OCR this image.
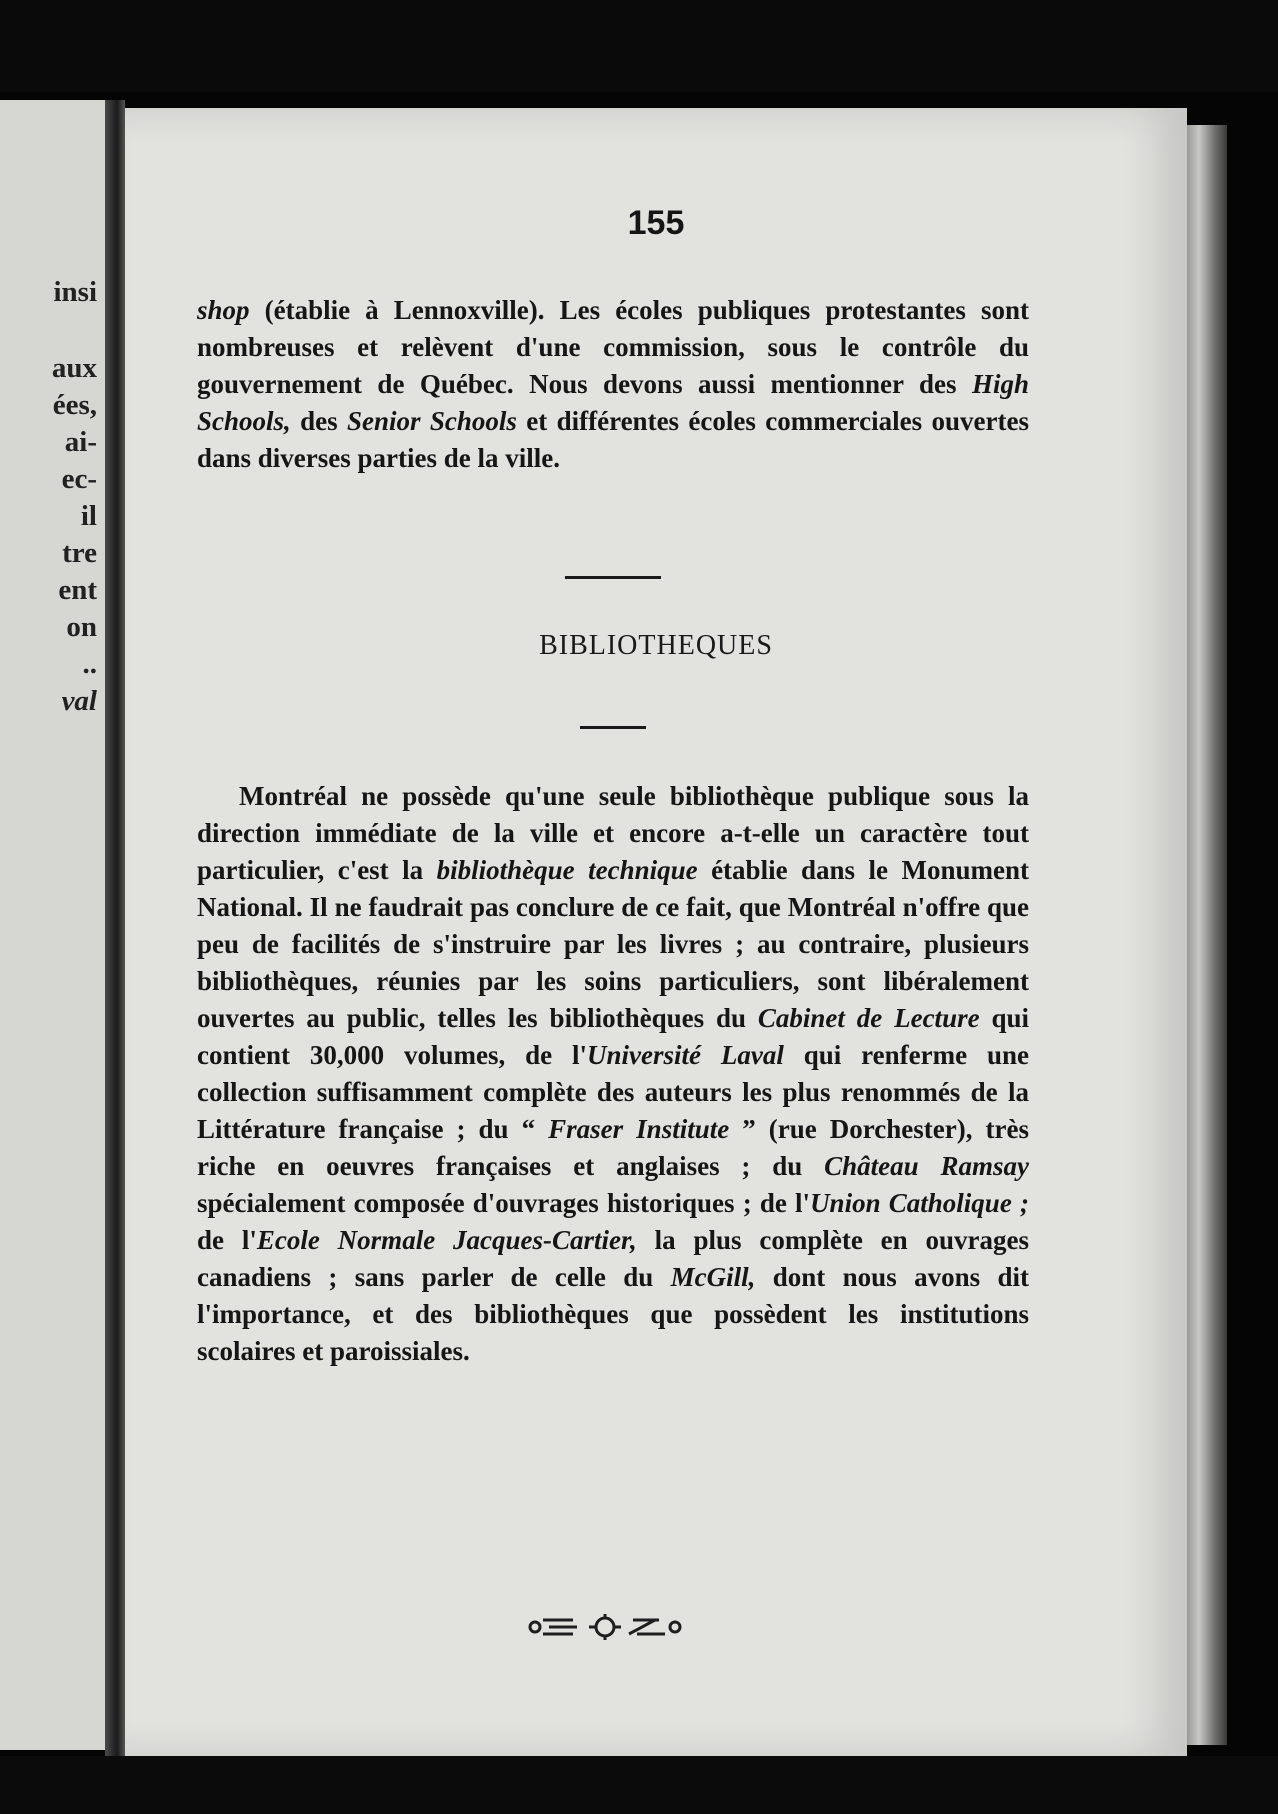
insi
aux
ées,
ai-
ec-
il
tre
ent
on
..
val
155

shop (établie à Lennoxville). Les écoles publiques protestantes sont nombreuses et relèvent d'une commission, sous le contrôle du gouvernement de Québec. Nous devons aussi mentionner des High Schools, des Senior Schools et différentes écoles commerciales ouvertes dans diverses parties de la ville.

BIBLIOTHEQUES

Montréal ne possède qu'une seule bibliothèque publique sous la direction immédiate de la ville et encore a-t-elle un caractère tout particulier, c'est la bibliothèque technique établie dans le Monument National. Il ne faudrait pas conclure de ce fait, que Montréal n'offre que peu de facilités de s'instruire par les livres ; au contraire, plusieurs bibliothèques, réunies par les soins particuliers, sont libéralement ouvertes au public, telles les bibliothèques du Cabinet de Lecture qui contient 30,000 volumes, de l'Université Laval qui renferme une collection suffisamment complète des auteurs les plus renommés de la Littérature française ; du “ Fraser Institute ” (rue Dorchester), très riche en oeuvres françaises et anglaises ; du Château Ramsay spécialement composée d'ouvrages historiques ; de l'Union Catholique ; de l'Ecole Normale Jacques-Cartier, la plus complète en ouvrages canadiens ; sans parler de celle du McGill, dont nous avons dit l'importance, et des bibliothèques que possèdent les institutions scolaires et paroissiales.
